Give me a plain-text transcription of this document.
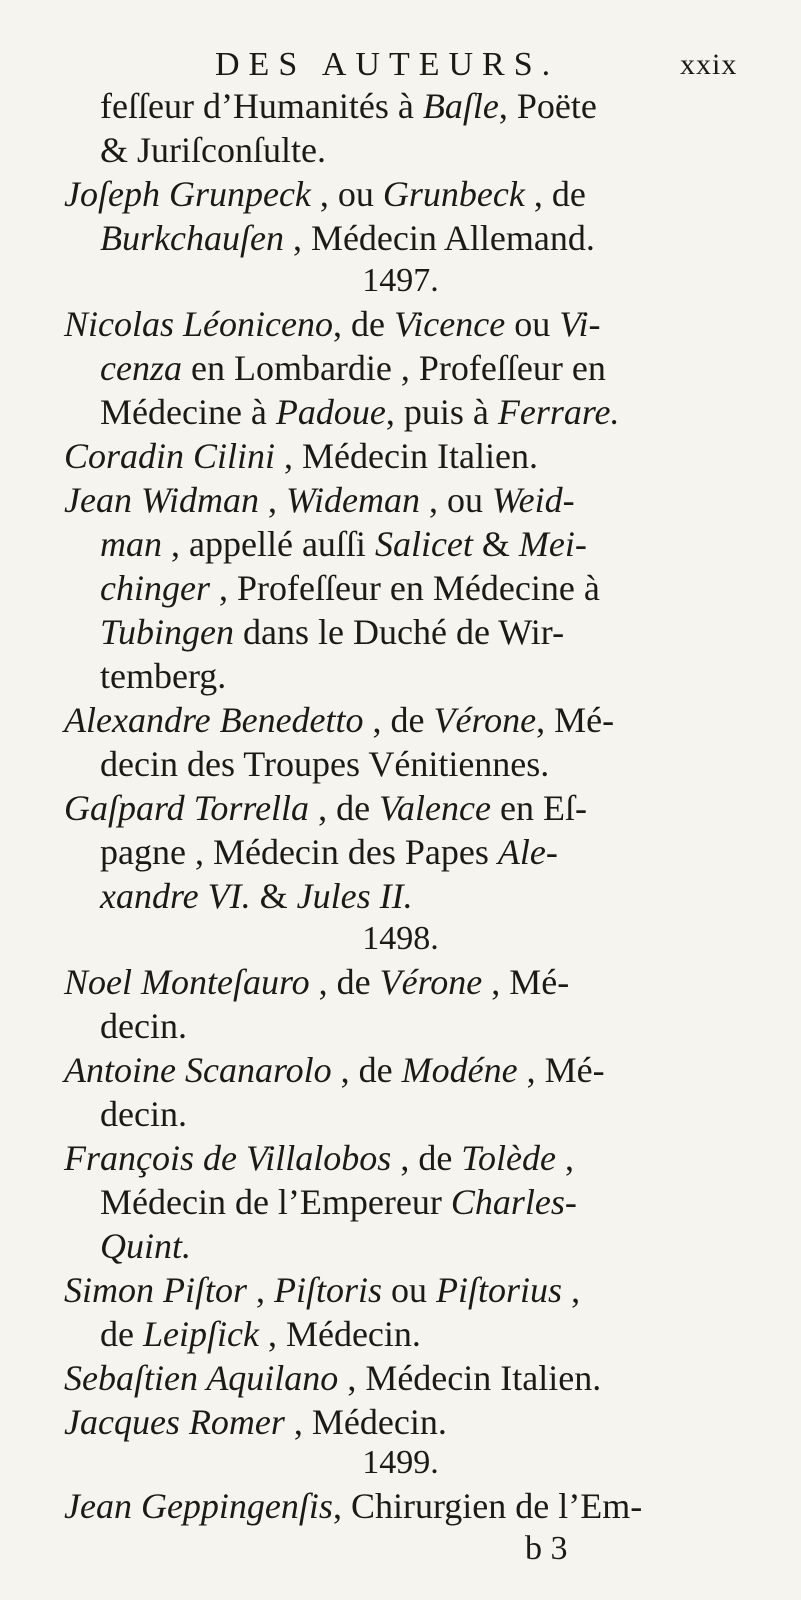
DES AUTEURS.	xxix
feſſeur d’Humanités à Baſle, Poëte
& Juriſconſulte.
Joſeph Grunpeck , ou Grunbeck , de
Burkchauſen , Médecin Allemand.
1497.
Nicolas Léoniceno, de Vicence ou Vi-
cenza en Lombardie , Profeſſeur en
Médecine à Padoue, puis à Ferrare.
Coradin Cilini , Médecin Italien.
Jean Widman , Wideman , ou Weid-
man , appellé auſſi Salicet & Mei-
chinger , Profeſſeur en Médecine à
Tubingen dans le Duché de Wir-
temberg.
Alexandre Benedetto , de Vérone, Mé-
decin des Troupes Vénitiennes.
Gaſpard Torrella , de Valence en Eſ-
pagne , Médecin des Papes Ale-
xandre VI. & Jules II.
1498.
Noel Monteſauro , de Vérone , Mé-
decin.
Antoine Scanarolo , de Modéne , Mé-
decin.
François de Villalobos , de Tolède ,
Médecin de l’Empereur Charles-
Quint.
Simon Piſtor , Piſtoris ou Piſtorius ,
de Leipſick , Médecin.
Sebaſtien Aquilano , Médecin Italien.
Jacques Romer , Médecin.
1499.
Jean Geppingenſis, Chirurgien de l’Em-
b 3
